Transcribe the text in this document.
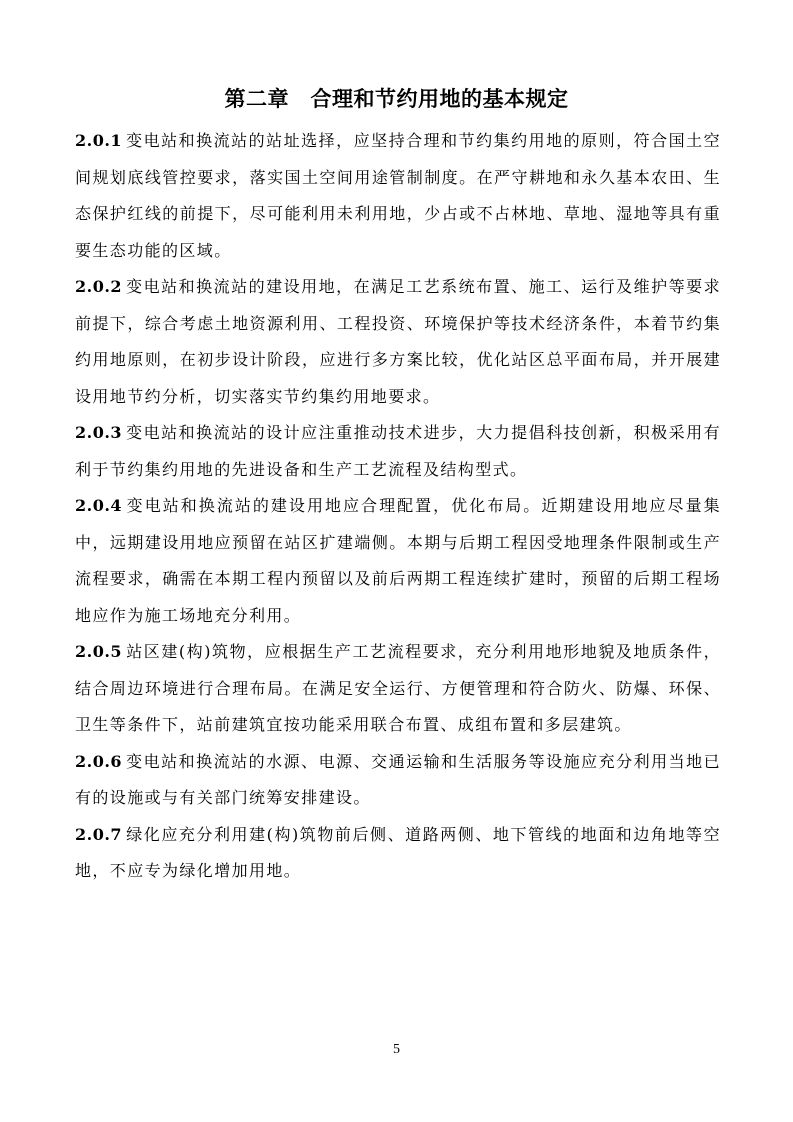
第二章　合理和节约用地的基本规定

2.0.1 变电站和换流站的站址选择，应坚持合理和节约集约用地的原则，符合国土空间规划底线管控要求，落实国土空间用途管制制度。在严守耕地和永久基本农田、生态保护红线的前提下，尽可能利用未利用地，少占或不占林地、草地、湿地等具有重要生态功能的区域。

2.0.2 变电站和换流站的建设用地，在满足工艺系统布置、施工、运行及维护等要求前提下，综合考虑土地资源利用、工程投资、环境保护等技术经济条件，本着节约集约用地原则，在初步设计阶段，应进行多方案比较，优化站区总平面布局，并开展建设用地节约分析，切实落实节约集约用地要求。

2.0.3 变电站和换流站的设计应注重推动技术进步，大力提倡科技创新，积极采用有利于节约集约用地的先进设备和生产工艺流程及结构型式。

2.0.4 变电站和换流站的建设用地应合理配置，优化布局。近期建设用地应尽量集中，远期建设用地应预留在站区扩建端侧。本期与后期工程因受地理条件限制或生产流程要求，确需在本期工程内预留以及前后两期工程连续扩建时，预留的后期工程场地应作为施工场地充分利用。

2.0.5 站区建(构)筑物，应根据生产工艺流程要求，充分利用地形地貌及地质条件，结合周边环境进行合理布局。在满足安全运行、方便管理和符合防火、防爆、环保、卫生等条件下，站前建筑宜按功能采用联合布置、成组布置和多层建筑。

2.0.6 变电站和换流站的水源、电源、交通运输和生活服务等设施应充分利用当地已有的设施或与有关部门统筹安排建设。

2.0.7 绿化应充分利用建(构)筑物前后侧、道路两侧、地下管线的地面和边角地等空地，不应专为绿化增加用地。

5
